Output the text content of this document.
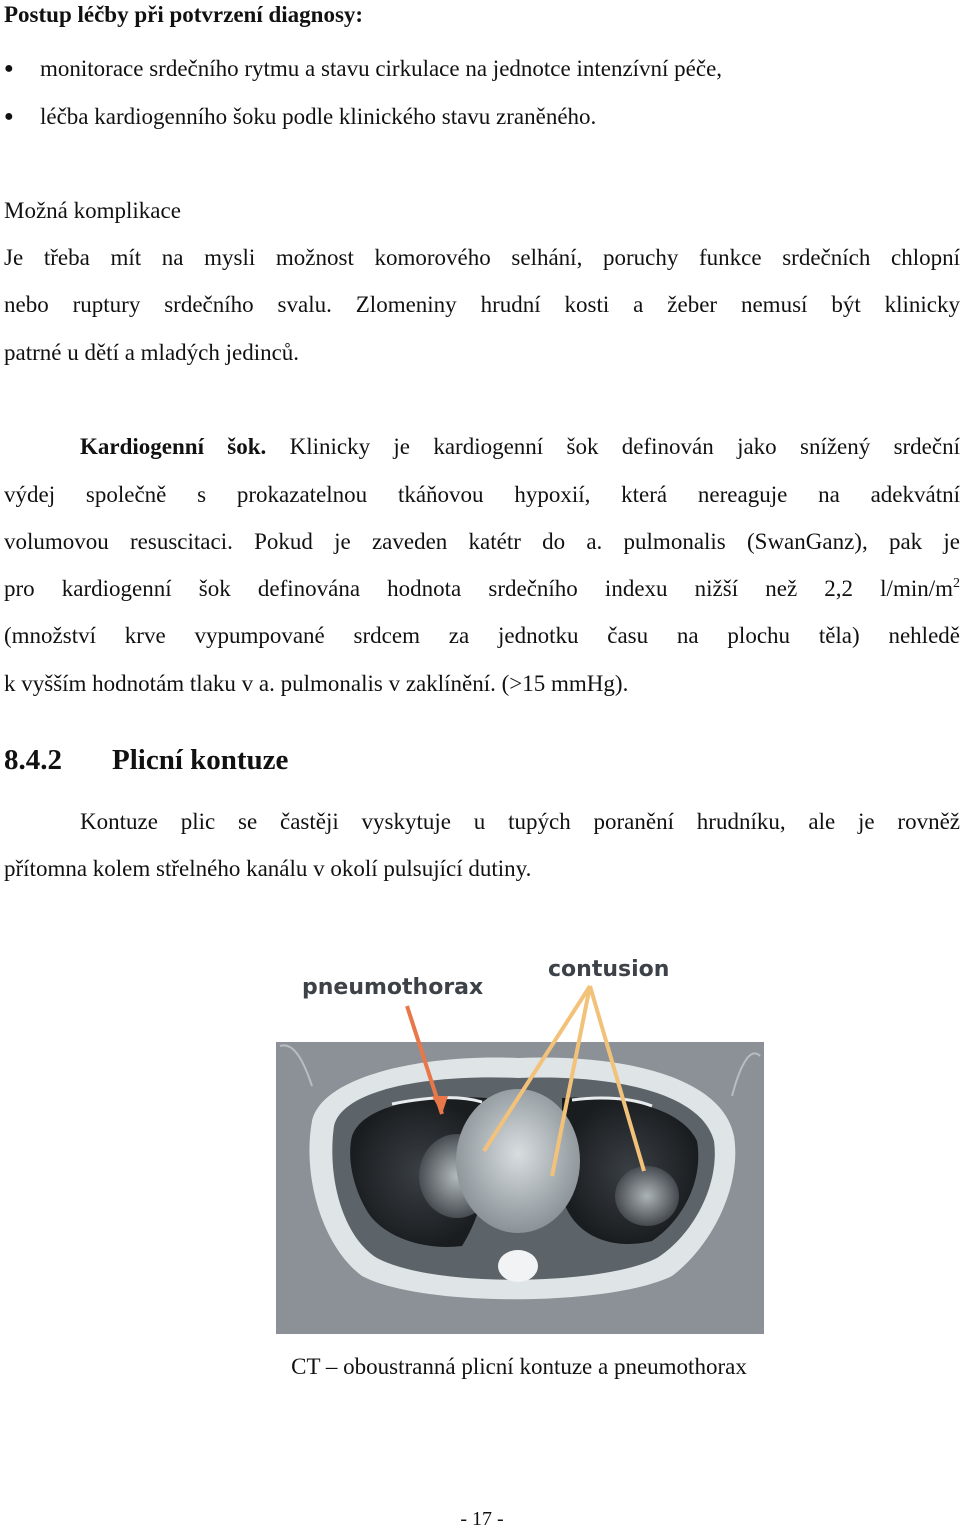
Postup léčby při potvrzení diagnosy:
● monitorace srdečního rytmu a stavu cirkulace na jednotce intenzívní péče,
● léčba kardiogenního šoku podle klinického stavu zraněného.
Možná komplikace
Je třeba mít na mysli možnost komorového selhání, poruchy funkce srdečních chlopní
nebo ruptury srdečního svalu. Zlomeniny hrudní kosti a žeber nemusí být klinicky
patrné u dětí a mladých jedinců.
Kardiogenní šok. Klinicky je kardiogenní šok definován jako snížený srdeční
výdej společně s prokazatelnou tkáňovou hypoxií, která nereaguje na adekvátní
volumovou resuscitaci. Pokud je zaveden katétr do a. pulmonalis (SwanGanz), pak je
pro kardiogenní šok definována hodnota srdečního indexu nižší než 2,2 $l/\min/m^2$
(množství krve vypumpované srdcem za jednotku času na plochu těla) nehledě
k vyšším hodnotám tlaku v a. pulmonalis v zaklínění. (>15 mmHg).
8.4.2 Plicní kontuze
Kontuze plic se častěji vyskytuje u tupých poranění hrudníku, ale je rovněž
přítomna kolem střelného kanálu v okolí pulsující dutiny.
pneumothorax
contusion
CT – oboustranná plicní kontuze a pneumothorax
- 17 -
